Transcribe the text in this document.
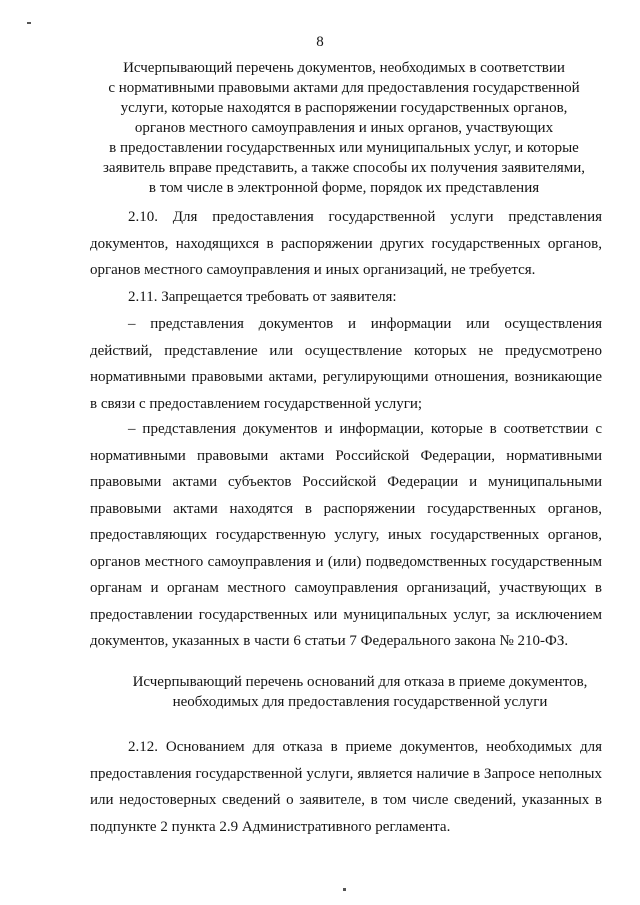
8
Исчерпывающий перечень документов, необходимых в соответствии
с нормативными правовыми актами для предоставления государственной
услуги, которые находятся в распоряжении государственных органов,
органов местного самоуправления и иных органов, участвующих
в предоставлении государственных или муниципальных услуг, и которые
заявитель вправе представить, а также способы их получения заявителями,
в том числе в электронной форме, порядок их представления
2.10. Для предоставления государственной услуги представления документов, находящихся в распоряжении других государственных органов, органов местного самоуправления и иных организаций, не требуется.
2.11. Запрещается требовать от заявителя:
– представления документов и информации или осуществления действий, представление или осуществление которых не предусмотрено нормативными правовыми актами, регулирующими отношения, возникающие в связи с предоставлением государственной услуги;
– представления документов и информации, которые в соответствии с нормативными правовыми актами Российской Федерации, нормативными правовыми актами субъектов Российской Федерации и муниципальными правовыми актами находятся в распоряжении государственных органов, предоставляющих государственную услугу, иных государственных органов, органов местного самоуправления и (или) подведомственных государственным органам и органам местного самоуправления организаций, участвующих в предоставлении государственных или муниципальных услуг, за исключением документов, указанных в части 6 статьи 7 Федерального закона № 210-ФЗ.
Исчерпывающий перечень оснований для отказа в приеме документов,
необходимых для предоставления государственной услуги
2.12. Основанием для отказа в приеме документов, необходимых для предоставления государственной услуги, является наличие в Запросе неполных или недостоверных сведений о заявителе, в том числе сведений, указанных в подпункте 2 пункта 2.9 Административного регламента.
